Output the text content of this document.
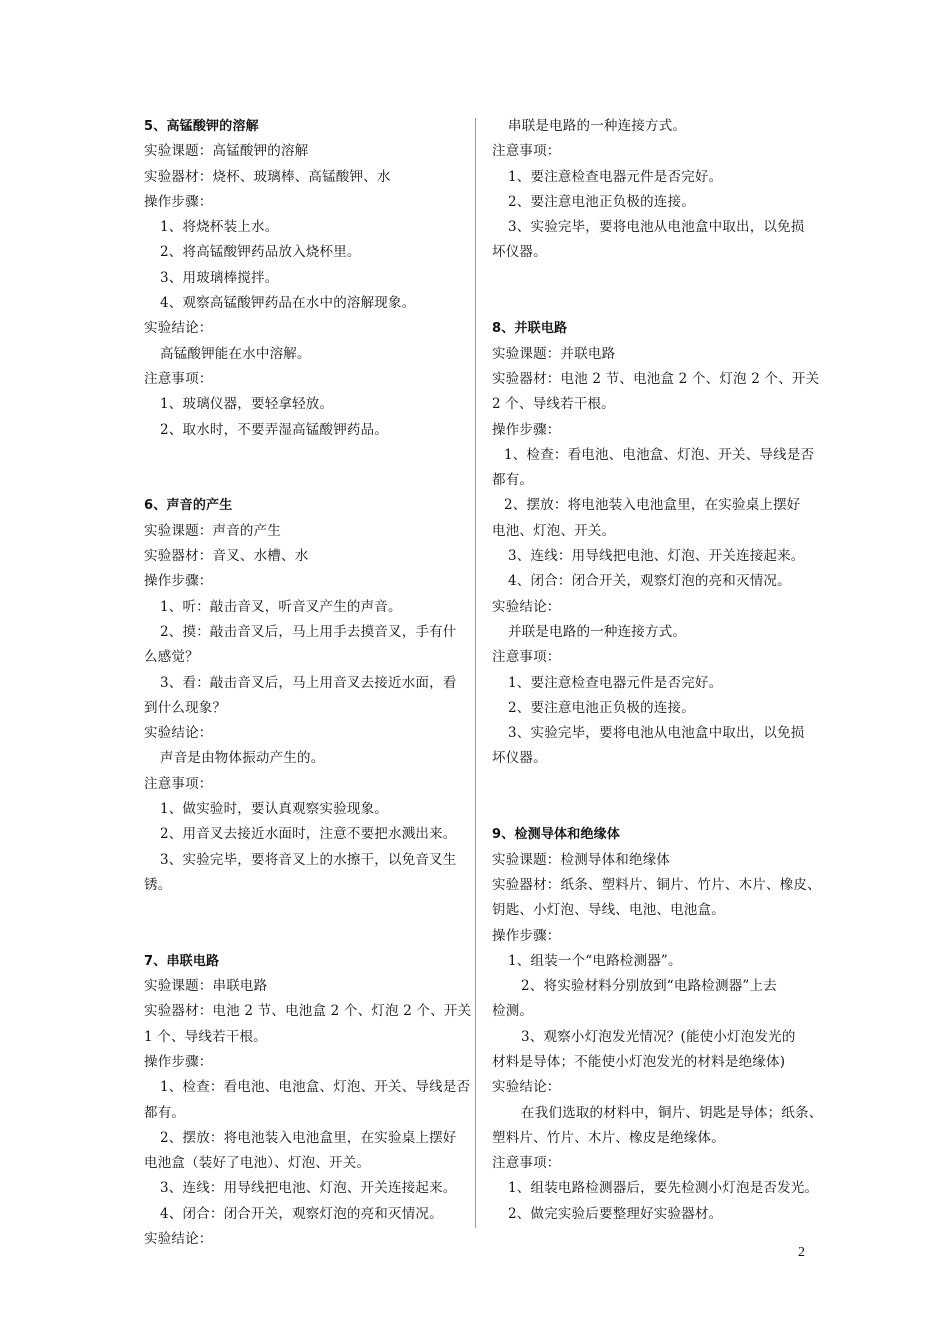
5、高锰酸钾的溶解
实验课题：高锰酸钾的溶解
实验器材：烧杯、玻璃棒、高锰酸钾、水
操作步骤：
1、将烧杯装上水。
2、将高锰酸钾药品放入烧杯里。
3、用玻璃棒搅拌。
4、观察高锰酸钾药品在水中的溶解现象。
实验结论：
高锰酸钾能在水中溶解。
注意事项：
1、玻璃仪器，要轻拿轻放。
2、取水时，不要弄湿高锰酸钾药品。
6、声音的产生
实验课题：声音的产生
实验器材：音叉、水槽、水
操作步骤：
1、听：敲击音叉，听音叉产生的声音。
2、摸：敲击音叉后，马上用手去摸音叉，手有什
么感觉？
3、看：敲击音叉后，马上用音叉去接近水面，看
到什么现象？
实验结论：
声音是由物体振动产生的。
注意事项：
1、做实验时，要认真观察实验现象。
2、用音叉去接近水面时，注意不要把水溅出来。
3、实验完毕，要将音叉上的水擦干，以免音叉生
锈。
7、串联电路
实验课题：串联电路
实验器材：电池 2 节、电池盒 2 个、灯泡 2 个、开关
1 个、导线若干根。
操作步骤：
1、检查：看电池、电池盒、灯泡、开关、导线是否
都有。
2、摆放：将电池装入电池盒里，在实验桌上摆好
电池盒（装好了电池）、灯泡、开关。
3、连线：用导线把电池、灯泡、开关连接起来。
4、闭合：闭合开关，观察灯泡的亮和灭情况。
实验结论：
串联是电路的一种连接方式。
注意事项：
1、要注意检查电器元件是否完好。
2、要注意电池正负极的连接。
3、实验完毕，要将电池从电池盒中取出，以免损
坏仪器。
8、并联电路
实验课题：并联电路
实验器材：电池 2 节、电池盒 2 个、灯泡 2 个、开关
2 个、导线若干根。
操作步骤：
1、检查：看电池、电池盒、灯泡、开关、导线是否
都有。
2、摆放：将电池装入电池盒里，在实验桌上摆好
电池、灯泡、开关。
3、连线：用导线把电池、灯泡、开关连接起来。
4、闭合：闭合开关，观察灯泡的亮和灭情况。
实验结论：
并联是电路的一种连接方式。
注意事项：
1、要注意检查电器元件是否完好。
2、要注意电池正负极的连接。
3、实验完毕，要将电池从电池盒中取出，以免损
坏仪器。
9、检测导体和绝缘体
实验课题：检测导体和绝缘体
实验器材：纸条、塑料片、铜片、竹片、木片、橡皮、
钥匙、小灯泡、导线、电池、电池盒。
操作步骤：
1、组装一个“电路检测器”。
2、将实验材料分别放到“电路检测器”上去
检测。
3、观察小灯泡发光情况？(能使小灯泡发光的
材料是导体；不能使小灯泡发光的材料是绝缘体)
实验结论：
在我们选取的材料中，铜片、钥匙是导体；纸条、
塑料片、竹片、木片、橡皮是绝缘体。
注意事项：
1、组装电路检测器后，要先检测小灯泡是否发光。
2、做完实验后要整理好实验器材。
2
